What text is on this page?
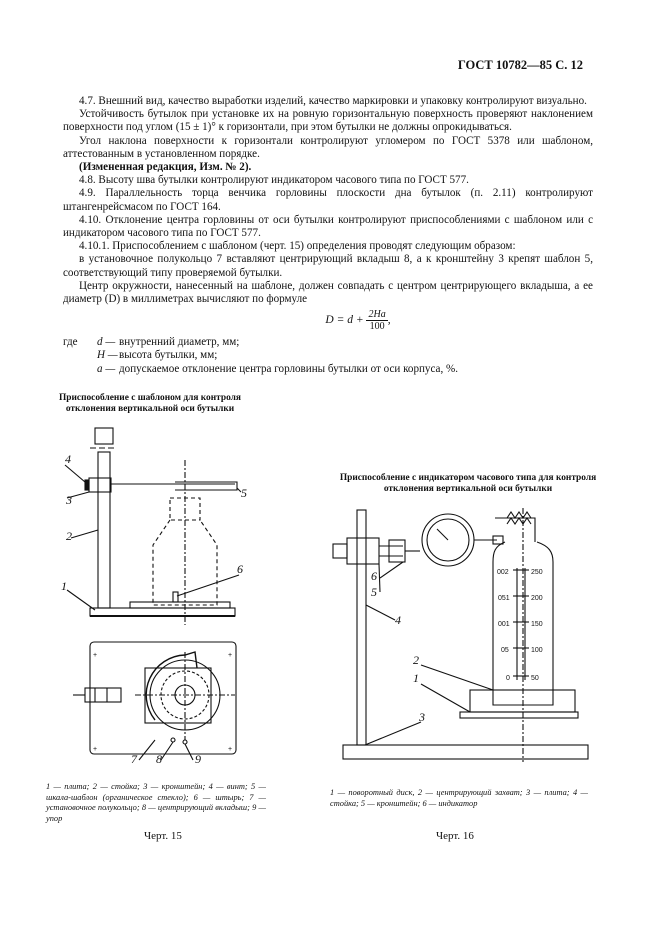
ГОСТ 10782—85 С. 12

4.7. Внешний вид, качество выработки изделий, качество маркировки и упаковку контролируют визуально.

Устойчивость бутылок при установке их на ровную горизонтальную поверхность проверяют наклонением поверхности под углом (15 ± 1)° к горизонтали, при этом бутылки не должны опрокидываться.

Угол наклона поверхности к горизонтали контролируют угломером по ГОСТ 5378 или шаблоном, аттестованным в установленном порядке.

(Измененная редакция, Изм. № 2).

4.8. Высоту шва бутылки контролируют индикатором часового типа по ГОСТ 577.

4.9. Параллельность торца венчика горловины плоскости дна бутылок (п. 2.11) контролируют штангенрейсмасом по ГОСТ 164.

4.10. Отклонение центра горловины от оси бутылки контролируют приспособлениями с шаблоном или с индикатором часового типа по ГОСТ 577.

4.10.1. Приспособлением с шаблоном (черт. 15) определения проводят следующим образом:

в установочное полукольцо 7 вставляют центрирующий вкладыш 8, а к кронштейну 3 крепят шаблон 5, соответствующий типу проверяемой бутылки.

Центр окружности, нанесенный на шаблоне, должен совпадать с центром центрирующего вкладыша, а ее диаметр (D) в миллиметрах вычисляют по формуле

$D = d + \frac{2Ha}{100}$ ,
где	d — внутренний диаметр, мм;
H — высота бутылки, мм;
a — допускаемое отклонение центра горловины бутылки от оси корпуса, %.
Приспособление с шаблоном для контроля отклонения вертикальной оси бутылки
+	+
+	+
4
3
2
1
5
6
7 8	9
1 — плита; 2 — стойка; 3 — кронштейн; 4 — винт; 5 — шкала-шаблон (органическое стекло); 6 — штырь; 7 — установочное полукольцо; 8 — центрирующий вкладыш; 9 — упор
Черт. 15
Приспособление с индикатором часового типа для контроля отклонения вертикальной оси бутылки
002
051
001
05
0
250
200
150
100
50
6
5
4
2
1
3
1 — поворотный диск, 2 — центрирующий захват; 3 — плита; 4 — стойка; 5 — кронштейн; 6 — индикатор
Черт. 16
